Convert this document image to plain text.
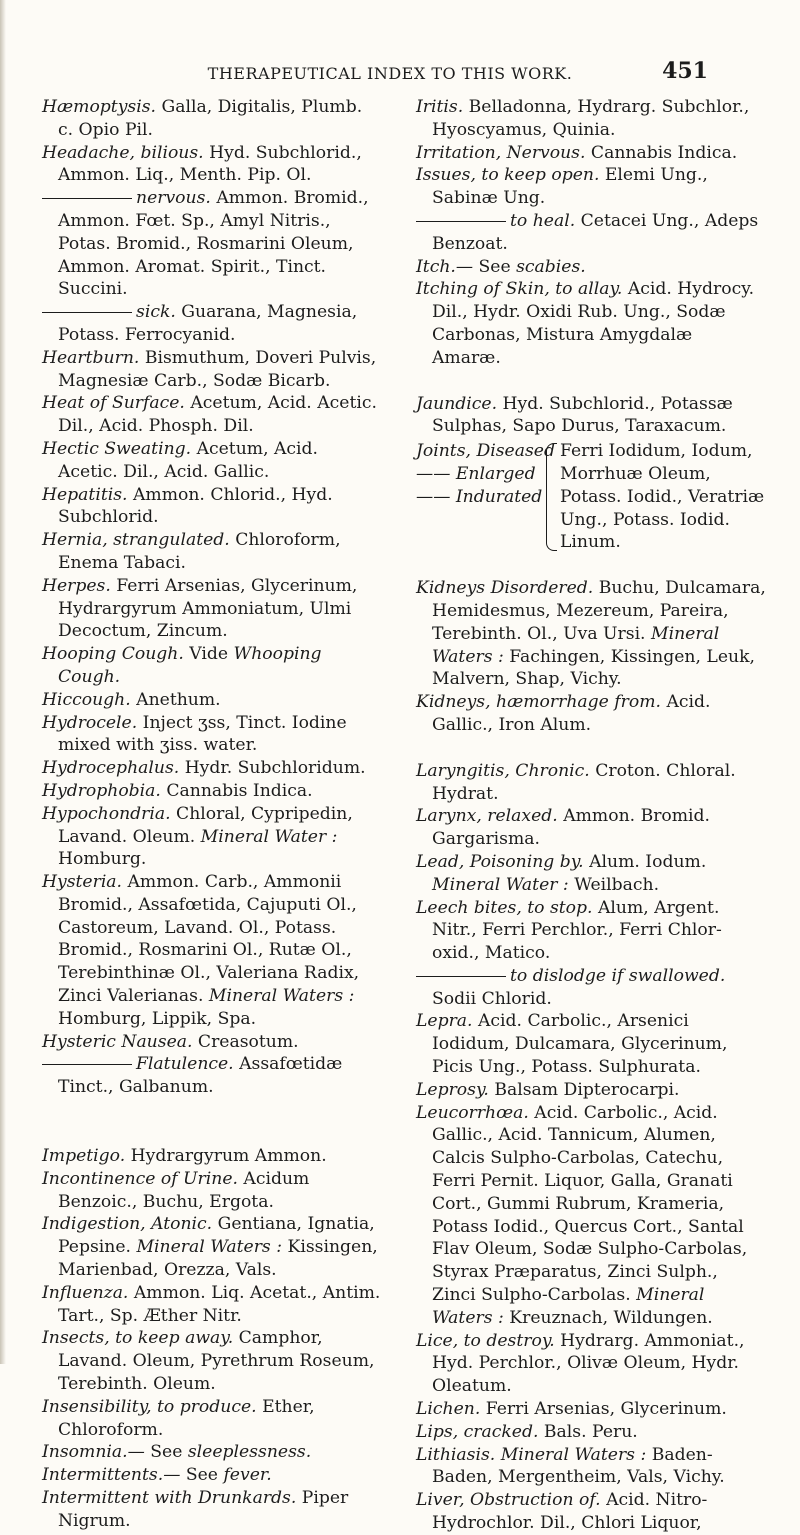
THERAPEUTICAL INDEX TO THIS WORK.	451
Hæmoptysis. Galla, Digitalis, Plumb. c. Opio Pil.
Headache, bilious. Hyd. Subchlorid., Ammon. Liq., Menth. Pip. Ol.
nervous. Ammon. Bromid., Ammon. Fœt. Sp., Amyl Nitris., Potas. Bromid., Rosmarini Oleum, Ammon. Aromat. Spirit., Tinct. Succini.
sick. Guarana, Magnesia, Potass. Ferrocyanid.
Heartburn. Bismuthum, Doveri Pulvis, Magnesiæ Carb., Sodæ Bicarb.
Heat of Surface. Acetum, Acid. Acetic. Dil., Acid. Phosph. Dil.
Hectic Sweating. Acetum, Acid. Acetic. Dil., Acid. Gallic.
Hepatitis. Ammon. Chlorid., Hyd. Subchlorid.
Hernia, strangulated. Chloroform, Enema Tabaci.
Herpes. Ferri Arsenias, Glycerinum, Hydrargyrum Ammoniatum, Ulmi Decoctum, Zincum.
Hooping Cough. Vide Whooping Cough.
Hiccough. Anethum.
Hydrocele. Inject ʒss, Tinct. Iodine mixed with ʒiss. water.
Hydrocephalus. Hydr. Subchloridum.
Hydrophobia. Cannabis Indica.
Hypochondria. Chloral, Cypripedin, Lavand. Oleum. Mineral Water : Homburg.
Hysteria. Ammon. Carb., Ammonii Bromid., Assafœtida, Cajuputi Ol., Castoreum, Lavand. Ol., Potass. Bromid., Rosmarini Ol., Rutæ Ol., Terebinthinæ Ol., Valeriana Radix, Zinci Valerianas. Mineral Waters : Homburg, Lippik, Spa.
Hysteric Nausea. Creasotum.
Flatulence. Assafœtidæ Tinct., Galbanum.
Impetigo. Hydrargyrum Ammon.
Incontinence of Urine. Acidum Benzoic., Buchu, Ergota.
Indigestion, Atonic. Gentiana, Ignatia, Pepsine. Mineral Waters : Kissingen, Marienbad, Orezza, Vals.
Influenza. Ammon. Liq. Acetat., Antim. Tart., Sp. Æther Nitr.
Insects, to keep away. Camphor, Lavand. Oleum, Pyrethrum Roseum, Terebinth. Oleum.
Insensibility, to produce. Ether, Chloroform.
Insomnia.— See sleeplessness.
Intermittents.— See fever.
Intermittent with Drunkards. Piper Nigrum.
Iritis. Belladonna, Hydrarg. Subchlor., Hyoscyamus, Quinia.
Irritation, Nervous. Cannabis Indica.
Issues, to keep open. Elemi Ung., Sabinæ Ung.
to heal. Cetacei Ung., Adeps Benzoat.
Itch.— See scabies.
Itching of Skin, to allay. Acid. Hydrocy. Dil., Hydr. Oxidi Rub. Ung., Sodæ Carbonas, Mistura Amygdalæ Amaræ.
Jaundice. Hyd. Subchlorid., Potassæ Sulphas, Sapo Durus, Taraxacum.
Joints, Diseased
—— Enlarged
—— Indurated
Ferri Iodidum, Iodum, Morrhuæ Oleum, Potass. Iodid., Veratriæ Ung., Potass. Iodid. Linum.
Kidneys Disordered. Buchu, Dulcamara, Hemidesmus, Mezereum, Pareira, Terebinth. Ol., Uva Ursi. Mineral Waters : Fachingen, Kissingen, Leuk, Malvern, Shap, Vichy.
Kidneys, hæmorrhage from. Acid. Gallic., Iron Alum.
Laryngitis, Chronic. Croton. Chloral. Hydrat.
Larynx, relaxed. Ammon. Bromid. Gargarisma.
Lead, Poisoning by. Alum. Iodum. Mineral Water : Weilbach.
Leech bites, to stop. Alum, Argent. Nitr., Ferri Perchlor., Ferri Chlor-oxid., Matico.
to dislodge if swallowed. Sodii Chlorid.
Lepra. Acid. Carbolic., Arsenici Iodidum, Dulcamara, Glycerinum, Picis Ung., Potass. Sulphurata.
Leprosy. Balsam Dipterocarpi.
Leucorrhœa. Acid. Carbolic., Acid. Gallic., Acid. Tannicum, Alumen, Calcis Sulpho-Carbolas, Catechu, Ferri Pernit. Liquor, Galla, Granati Cort., Gummi Rubrum, Krameria, Potass Iodid., Quercus Cort., Santal Flav Oleum, Sodæ Sulpho-Carbolas, Styrax Præparatus, Zinci Sulph., Zinci Sulpho-Carbolas. Mineral Waters : Kreuznach, Wildungen.
Lice, to destroy. Hydrarg. Ammoniat., Hyd. Perchlor., Olivæ Oleum, Hydr. Oleatum.
Lichen. Ferri Arsenias, Glycerinum.
Lips, cracked. Bals. Peru.
Lithiasis. Mineral Waters : Baden-Baden, Mergentheim, Vals, Vichy.
Liver, Obstruction of. Acid. Nitro-Hydrochlor. Dil., Chlori Liquor,
